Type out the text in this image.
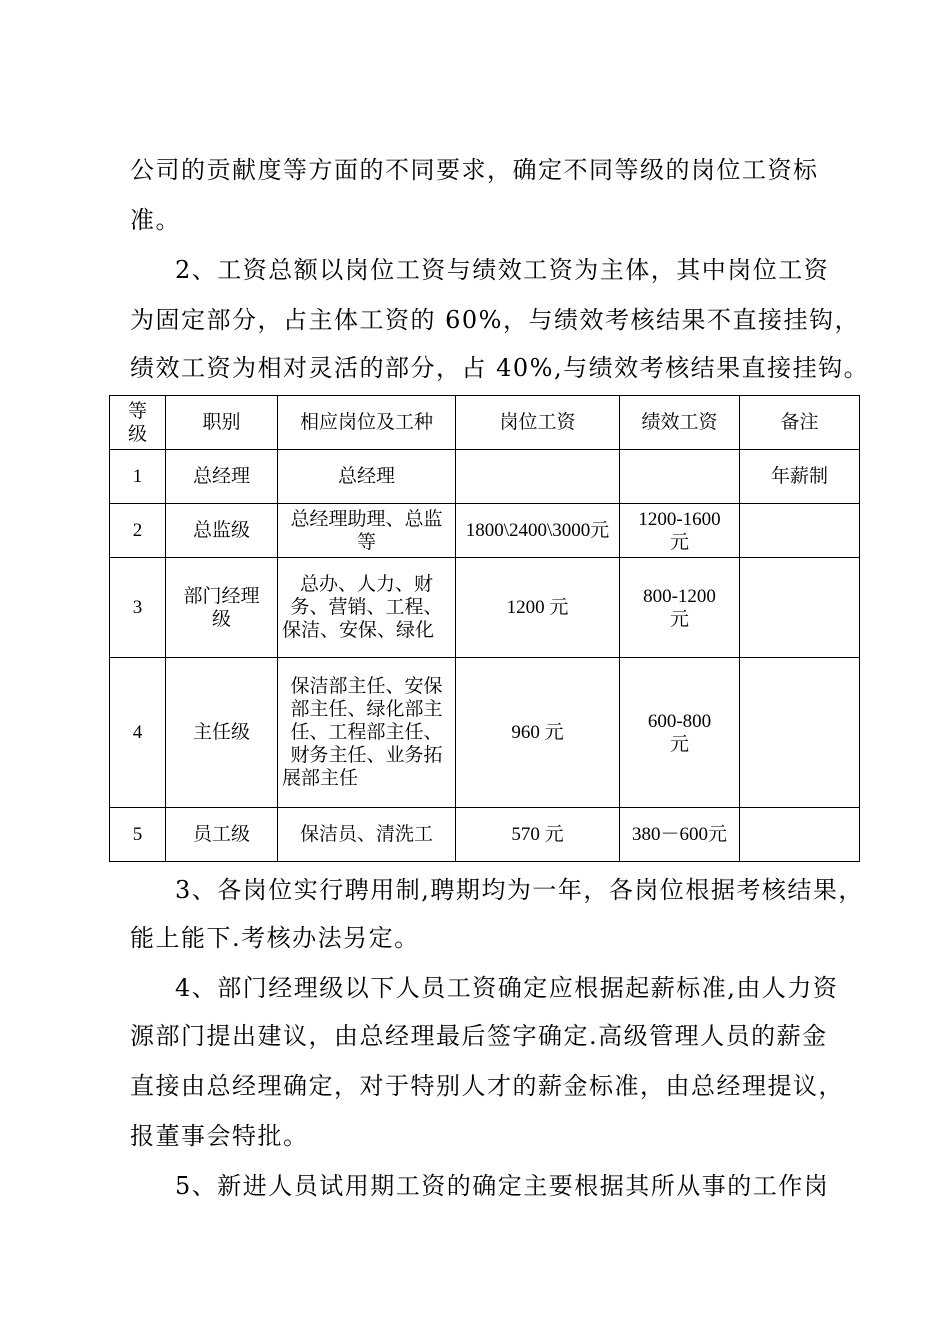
公司的贡献度等方面的不同要求，确定不同等级的岗位工资标
准。
2、工资总额以岗位工资与绩效工资为主体，其中岗位工资
为固定部分，占主体工资的 60%，与绩效考核结果不直接挂钩，
绩效工资为相对灵活的部分，占 40%,与绩效考核结果直接挂钩。
等级	职别	相应岗位及工种	岗位工资	绩效工资	备注
1	总经理	总经理			年薪制
2	总监级	总经理助理、总监等	1800\2400\3000元	1200-1600元	
3	部门经理级	总办、人力、财务、营销、工程、保洁、安保、绿化	1200 元	800-1200元	
4	主任级	保洁部主任、安保部主任、绿化部主任、工程部主任、财务主任、业务拓展部主任	960 元	600-800元	
5	员工级	保洁员、清洗工	570 元	380－600元	
3、各岗位实行聘用制,聘期均为一年，各岗位根据考核结果，
能上能下.考核办法另定。
4、部门经理级以下人员工资确定应根据起薪标准,由人力资
源部门提出建议，由总经理最后签字确定.高级管理人员的薪金
直接由总经理确定，对于特别人才的薪金标准，由总经理提议，
报董事会特批。
5、新进人员试用期工资的确定主要根据其所从事的工作岗
